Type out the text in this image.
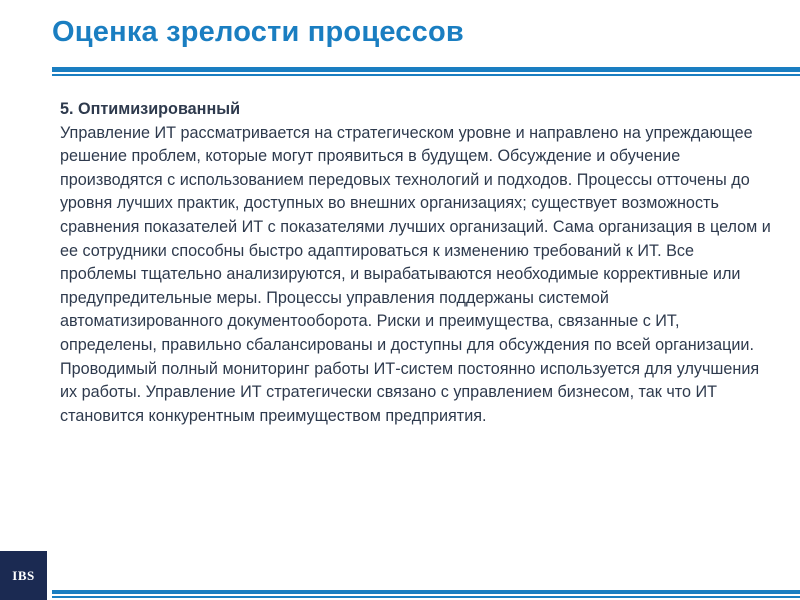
Оценка зрелости процессов
5. Оптимизированный

Управление ИТ рассматривается на стратегическом уровне и направлено на упреждающее решение проблем, которые могут проявиться в будущем. Обсуждение и обучение производятся с использованием передовых технологий и подходов. Процессы отточены до уровня лучших практик, доступных во внешних организациях; существует возможность сравнения показателей ИТ с показателями лучших организаций. Сама организация в целом и ее сотрудники способны быстро адаптироваться к изменению требований к ИТ. Все проблемы тщательно анализируются, и вырабатываются необходимые коррективные или предупредительные меры. Процессы управления поддержаны системой автоматизированного документооборота. Риски и преимущества, связанные с ИТ, определены, правильно сбалансированы и доступны для обсуждения по всей организации. Проводимый полный мониторинг работы ИТ-систем постоянно используется для улучшения их работы. Управление ИТ стратегически связано с управлением бизнесом, так что ИТ становится конкурентным преимуществом предприятия.

IBS
